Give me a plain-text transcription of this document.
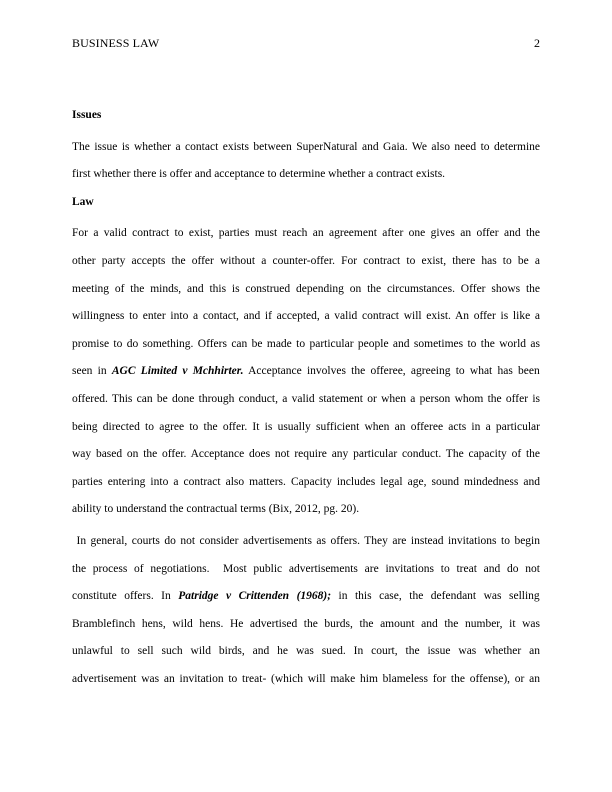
BUSINESS LAW	2
Issues
The issue is whether a contact exists between SuperNatural and Gaia. We also need to determine
first whether there is offer and acceptance to determine whether a contract exists.
Law
For a valid contract to exist, parties must reach an agreement after one gives an offer and the
other party accepts the offer without a counter-offer. For contract to exist, there has to be a
meeting of the minds, and this is construed depending on the circumstances. Offer shows the
willingness to enter into a contact, and if accepted, a valid contract will exist. An offer is like a
promise to do something. Offers can be made to particular people and sometimes to the world as
seen in AGC Limited v Mchhirter. Acceptance involves the offeree, agreeing to what has been
offered. This can be done through conduct, a valid statement or when a person whom the offer is
being directed to agree to the offer. It is usually sufficient when an offeree acts in a particular
way based on the offer. Acceptance does not require any particular conduct. The capacity of the
parties entering into a contract also matters. Capacity includes legal age, sound mindedness and
ability to understand the contractual terms (Bix, 2012, pg. 20).
In general, courts do not consider advertisements as offers. They are instead invitations to begin
the process of negotiations.  Most public advertisements are invitations to treat and do not
constitute offers. In Patridge v Crittenden (1968); in this case, the defendant was selling
Bramblefinch hens, wild hens. He advertised the burds, the amount and the number, it was
unlawful to sell such wild birds, and he was sued. In court, the issue was whether an
advertisement was an invitation to treat- (which will make him blameless for the offense), or an
